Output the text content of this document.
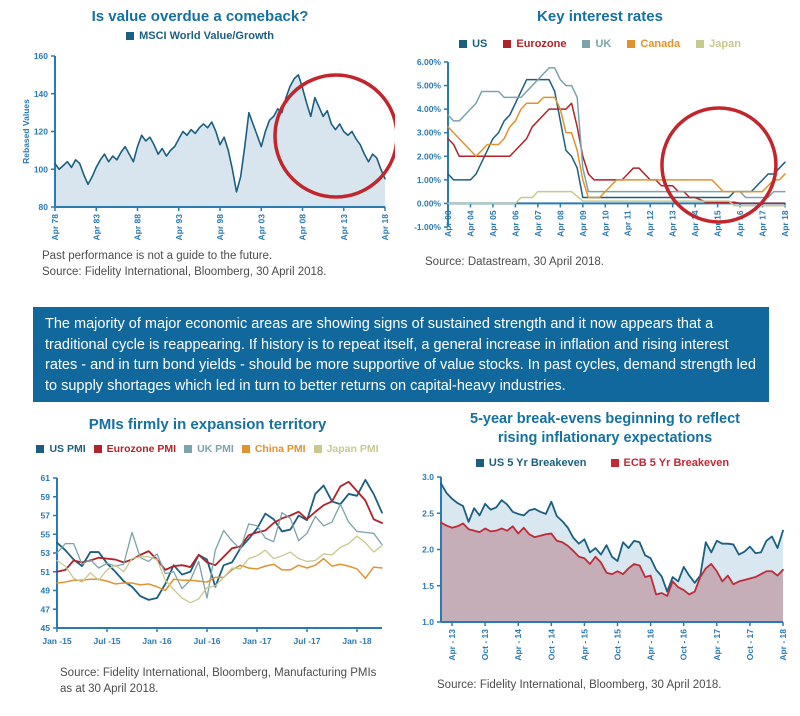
Is value overdue a comeback?
MSCI World Value/Growth
80
100
120
140
160
Apr 78	Apr 83	Apr 88	Apr 93	Apr 98	Apr 03	Apr 08	Apr 13	Apr 18
Rebased Values
Past performance is not a guide to the future.
Source: Fidelity International, Bloomberg, 30 April 2018.
Key interest rates
US	Eurozone	UK	Canada	Japan
-1.00%
0.00%
1.00%
2.00%
3.00%
4.00%
5.00%
6.00%
Apr 03 Apr 04 Apr 05 Apr 06 Apr 07 Apr 08 Apr 09 Apr 10 Apr 11 Apr 12 Apr 13 Apr 14 Apr 15 Apr 16 Apr 17 Apr 18
Source: Datastream, 30 April 2018.
The majority of major economic areas are showing signs of sustained strength and it now appears that a traditional cycle is reappearing. If history is to repeat itself, a general increase in inflation and rising interest rates - and in turn bond yields - should be more supportive of value stocks. In past cycles, demand strength led to supply shortages which led in turn to better returns on capital-heavy industries.
PMIs firmly in expansion territory
US PMI Eurozone PMI UK PMI China PMI Japan PMI
45
47
49
51
53
55
57
59
61
Jan -15	Jul -15	Jan -16	Jul -16	Jan -17	Jul -17	Jan -18
Source: Fidelity International, Bloomberg, Manufacturing PMIs
as at 30 April 2018.
5-year break-evens beginning to reflect
rising inflationary expectations
US 5 Yr Breakeven	ECB 5 Yr Breakeven
1.0
1.5
2.0
2.5
3.0
Apr - 13	Oct - 13	Apr - 14	Oct - 14	Apr - 15	Oct - 15	Apr - 16	Oct - 16	Apr - 17	Oct - 17	Apr - 18
Source: Fidelity International, Bloomberg, 30 April 2018.
